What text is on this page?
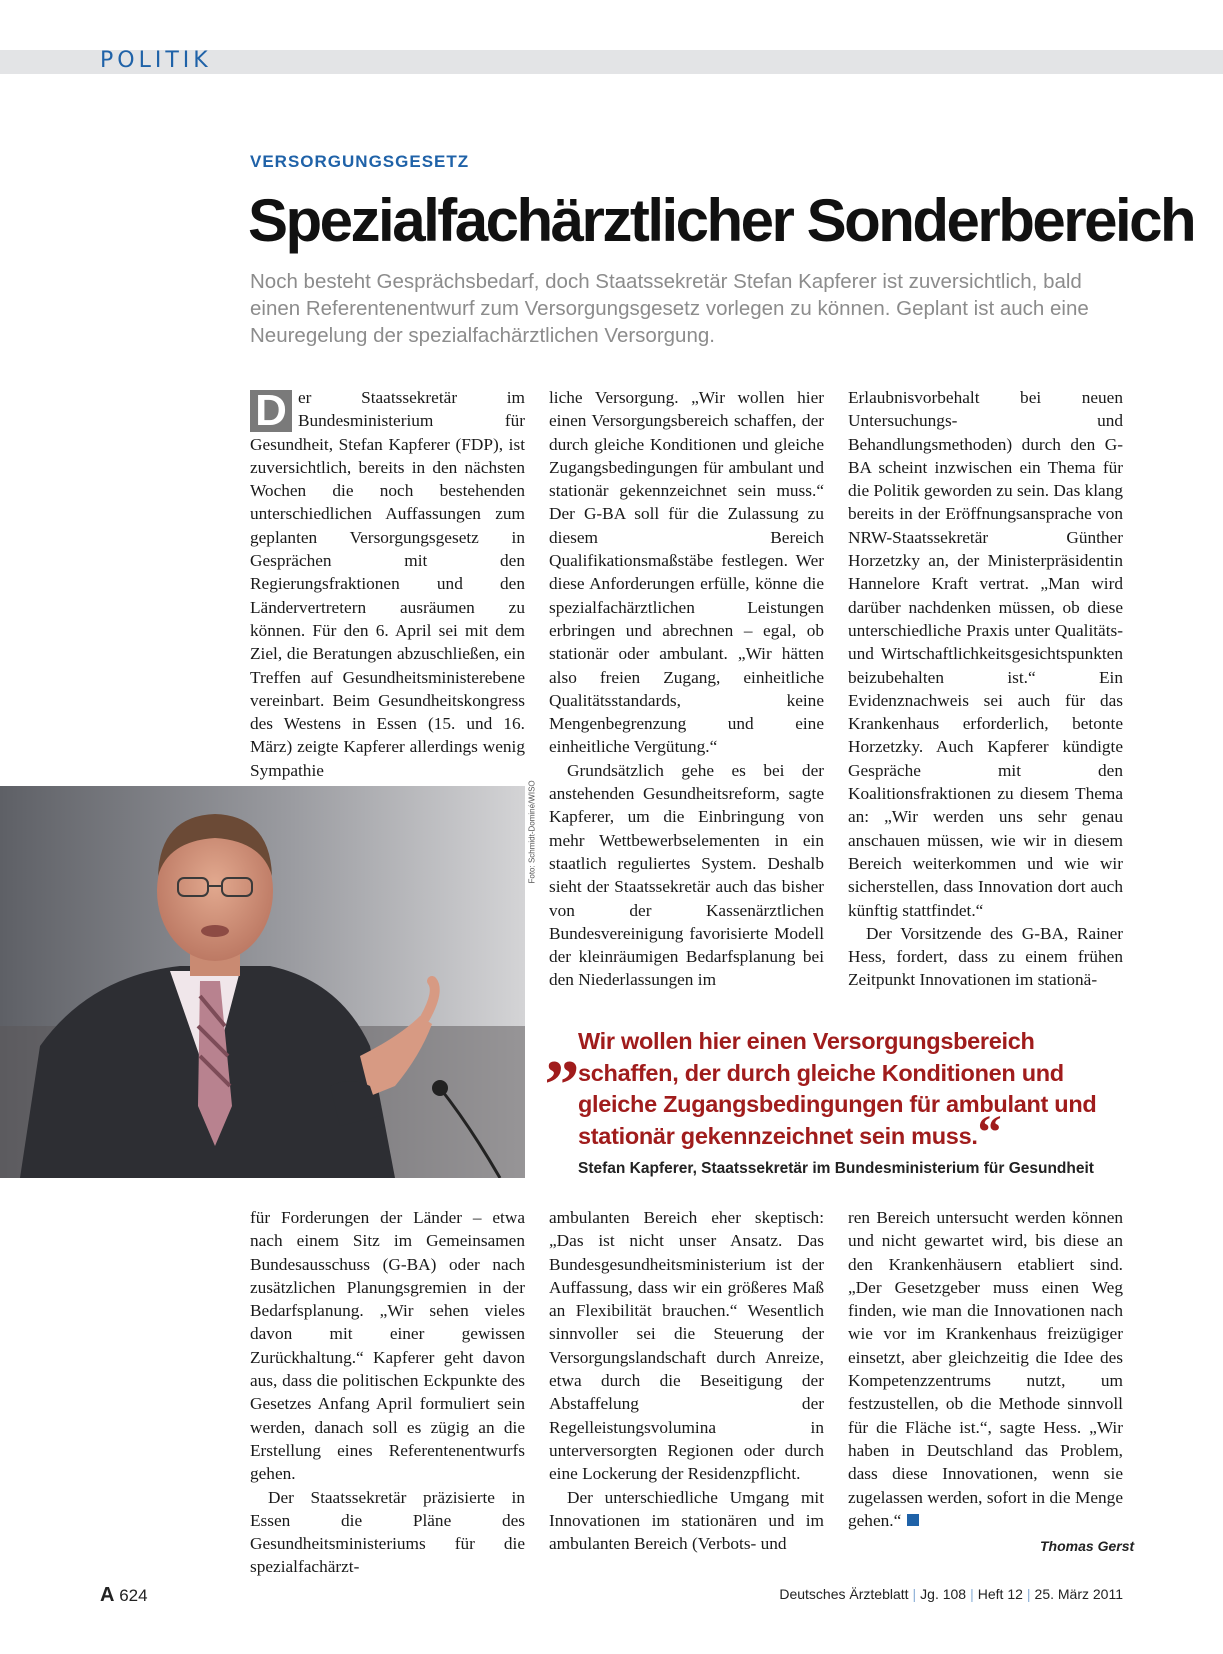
POLITIK
VERSORGUNGSGESETZ
Spezialfachärztlicher Sonderbereich
Noch besteht Gesprächsbedarf, doch Staatssekretär Stefan Kapferer ist zuversichtlich, bald einen Referentenentwurf zum Versorgungsgesetz vorlegen zu können. Geplant ist auch eine Neuregelung der spezialfachärztlichen Versorgung.

D er Staatssekretär im Bundesministerium für Gesundheit, Stefan Kapferer (FDP), ist zuversichtlich, bereits in den nächsten Wochen die noch bestehenden unterschiedlichen Auffassungen zum geplanten Versorgungsgesetz in Gesprächen mit den Regierungsfraktionen und den Ländervertretern ausräumen zu können. Für den 6. April sei mit dem Ziel, die Beratungen abzuschließen, ein Treffen auf Gesundheitsministerebene vereinbart. Beim Gesundheitskongress des Westens in Essen (15. und 16. März) zeigte Kapferer allerdings wenig Sympathie

liche Versorgung. „Wir wollen hier einen Versorgungsbereich schaffen, der durch gleiche Konditionen und gleiche Zugangsbedingungen für ambulant und stationär gekennzeichnet sein muss.“ Der G-BA soll für die Zulassung zu diesem Bereich Qualifikationsmaßstäbe festlegen. Wer diese Anforderungen erfülle, könne die spezialfachärztlichen Leistungen erbringen und abrechnen – egal, ob stationär oder ambulant. „Wir hätten also freien Zugang, einheitliche Qualitätsstandards, keine Mengenbegrenzung und eine einheitliche Vergütung.“

Grundsätzlich gehe es bei der anstehenden Gesundheitsreform, sagte Kapferer, um die Einbringung von mehr Wettbewerbselementen in ein staatlich reguliertes System. Deshalb sieht der Staatssekretär auch das bisher von der Kassenärztlichen Bundesvereinigung favorisierte Modell der kleinräumigen Bedarfsplanung bei den Niederlassungen im

Erlaubnisvorbehalt bei neuen Untersuchungs- und Behandlungsmethoden) durch den G-BA scheint inzwischen ein Thema für die Politik geworden zu sein. Das klang bereits in der Eröffnungsansprache von NRW-Staatssekretär Günther Horzetzky an, der Ministerpräsidentin Hannelore Kraft vertrat. „Man wird darüber nachdenken müssen, ob diese unterschiedliche Praxis unter Qualitäts- und Wirtschaftlichkeitsgesichtspunkten beizubehalten ist.“ Ein Evidenznachweis sei auch für das Krankenhaus erforderlich, betonte Horzetzky. Auch Kapferer kündigte Gespräche mit den Koalitionsfraktionen zu diesem Thema an: „Wir werden uns sehr genau anschauen müssen, wie wir in diesem Bereich weiterkommen und wie wir sicherstellen, dass Innovation dort auch künftig stattfindet.“

Der Vorsitzende des G-BA, Rainer Hess, fordert, dass zu einem frühen Zeitpunkt Innovationen im stationä-

Foto: Schmidt-Dominé/WISO
„
Wir wollen hier einen Versorgungsbereich schaffen, der durch gleiche Konditionen und gleiche Zugangsbedingungen für ambulant und stationär gekennzeichnet sein muss.“
Stefan Kapferer, Staatssekretär im Bundesministerium für Gesundheit

für Forderungen der Länder – etwa nach einem Sitz im Gemeinsamen Bundesausschuss (G-BA) oder nach zusätzlichen Planungsgremien in der Bedarfsplanung. „Wir sehen vieles davon mit einer gewissen Zurückhaltung.“ Kapferer geht davon aus, dass die politischen Eckpunkte des Gesetzes Anfang April formuliert sein werden, danach soll es zügig an die Erstellung eines Referentenentwurfs gehen.

Der Staatssekretär präzisierte in Essen die Pläne des Gesundheitsministeriums für die spezialfachärzt-

ambulanten Bereich eher skeptisch: „Das ist nicht unser Ansatz. Das Bundesgesundheitsministerium ist der Auffassung, dass wir ein größeres Maß an Flexibilität brauchen.“ Wesentlich sinnvoller sei die Steuerung der Versorgungslandschaft durch Anreize, etwa durch die Beseitigung der Abstaffelung der Regelleistungsvolumina in unterversorgten Regionen oder durch eine Lockerung der Residenzpflicht.

Der unterschiedliche Umgang mit Innovationen im stationären und im ambulanten Bereich (Verbots- und

ren Bereich untersucht werden können und nicht gewartet wird, bis diese an den Krankenhäusern etabliert sind. „Der Gesetzgeber muss einen Weg finden, wie man die Innovationen nach wie vor im Krankenhaus freizügiger einsetzt, aber gleichzeitig die Idee des Kompetenzzentrums nutzt, um festzustellen, ob die Methode sinnvoll für die Fläche ist.“, sagte Hess. „Wir haben in Deutschland das Problem, dass diese Innovationen, wenn sie zugelassen werden, sofort in die Menge gehen.“

Thomas Gerst
A 624	Deutsches Ärzteblatt | Jg. 108 | Heft 12 | 25. März 2011
